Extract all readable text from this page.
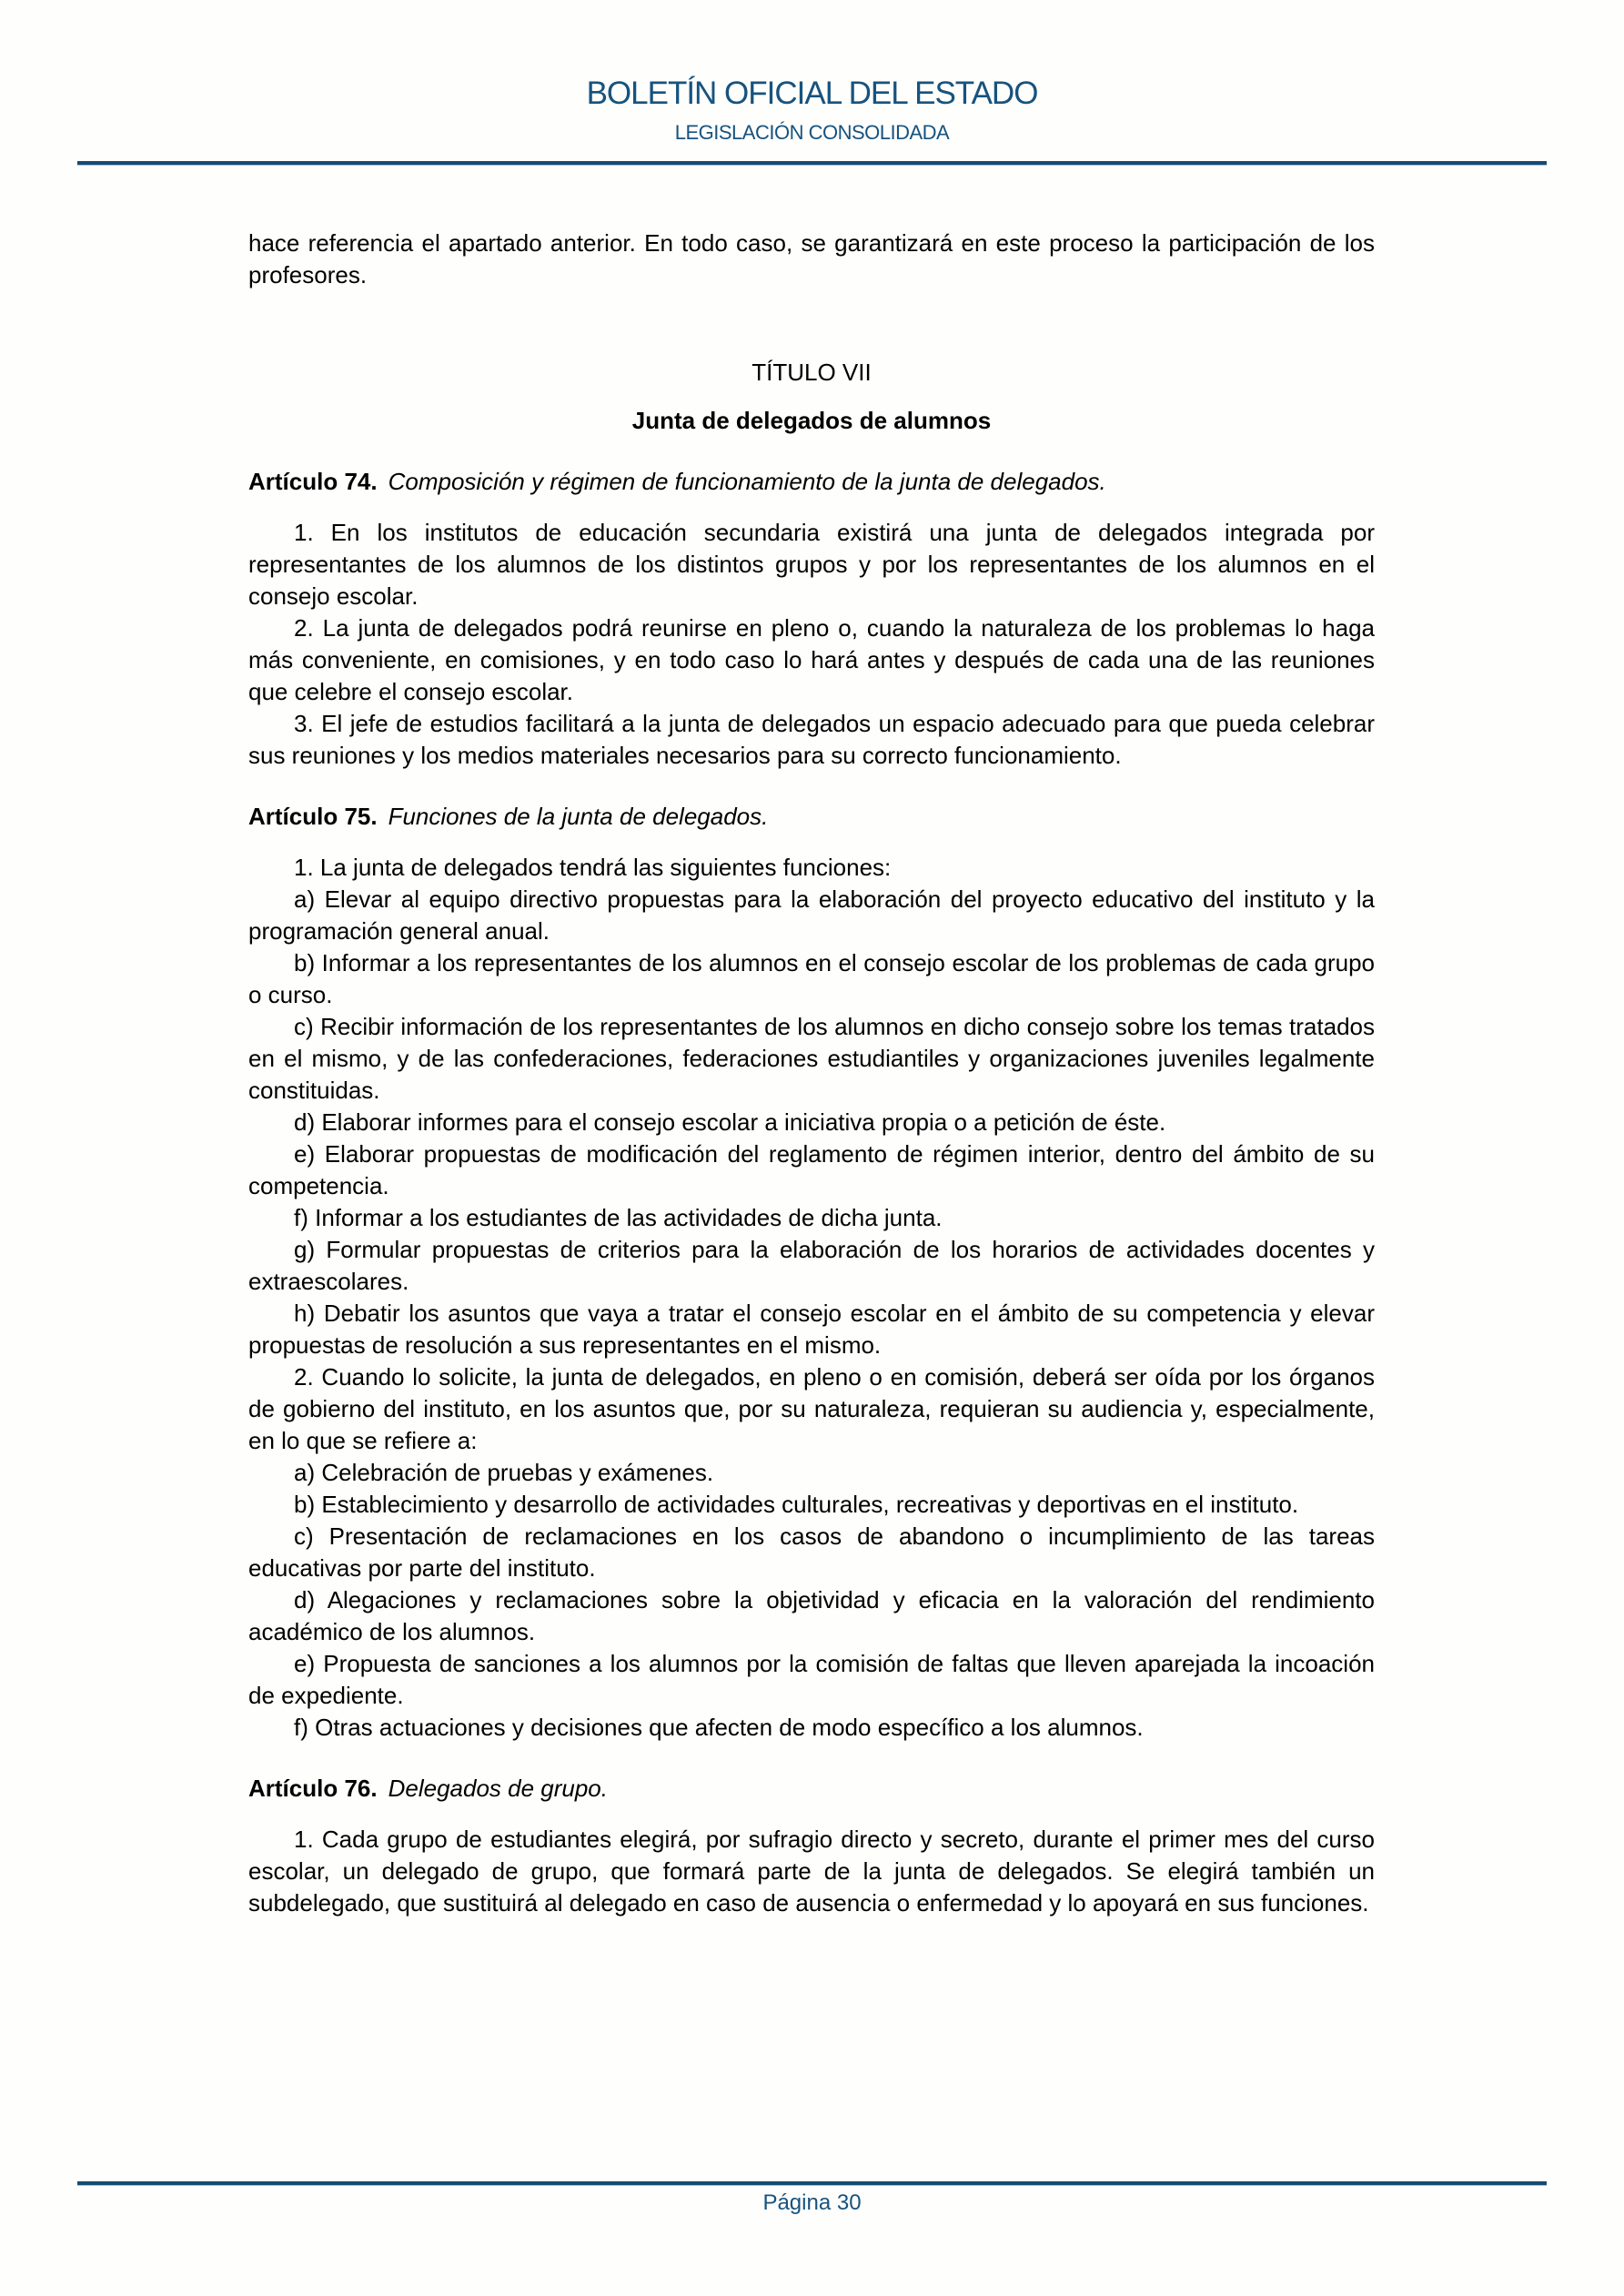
BOLETÍN OFICIAL DEL ESTADO
LEGISLACIÓN CONSOLIDADA

hace referencia el apartado anterior. En todo caso, se garantizará en este proceso la participación de los profesores.

TÍTULO VII
Junta de delegados de alumnos
Artículo 74. Composición y régimen de funcionamiento de la junta de delegados.

1. En los institutos de educación secundaria existirá una junta de delegados integrada por representantes de los alumnos de los distintos grupos y por los representantes de los alumnos en el consejo escolar.

2. La junta de delegados podrá reunirse en pleno o, cuando la naturaleza de los problemas lo haga más conveniente, en comisiones, y en todo caso lo hará antes y después de cada una de las reuniones que celebre el consejo escolar.

3. El jefe de estudios facilitará a la junta de delegados un espacio adecuado para que pueda celebrar sus reuniones y los medios materiales necesarios para su correcto funcionamiento.

Artículo 75. Funciones de la junta de delegados.

1. La junta de delegados tendrá las siguientes funciones:

a) Elevar al equipo directivo propuestas para la elaboración del proyecto educativo del instituto y la programación general anual.

b) Informar a los representantes de los alumnos en el consejo escolar de los problemas de cada grupo o curso.

c) Recibir información de los representantes de los alumnos en dicho consejo sobre los temas tratados en el mismo, y de las confederaciones, federaciones estudiantiles y organizaciones juveniles legalmente constituidas.

d) Elaborar informes para el consejo escolar a iniciativa propia o a petición de éste.

e) Elaborar propuestas de modificación del reglamento de régimen interior, dentro del ámbito de su competencia.

f) Informar a los estudiantes de las actividades de dicha junta.

g) Formular propuestas de criterios para la elaboración de los horarios de actividades docentes y extraescolares.

h) Debatir los asuntos que vaya a tratar el consejo escolar en el ámbito de su competencia y elevar propuestas de resolución a sus representantes en el mismo.

2. Cuando lo solicite, la junta de delegados, en pleno o en comisión, deberá ser oída por los órganos de gobierno del instituto, en los asuntos que, por su naturaleza, requieran su audiencia y, especialmente, en lo que se refiere a:

a) Celebración de pruebas y exámenes.

b) Establecimiento y desarrollo de actividades culturales, recreativas y deportivas en el instituto.

c) Presentación de reclamaciones en los casos de abandono o incumplimiento de las tareas educativas por parte del instituto.

d) Alegaciones y reclamaciones sobre la objetividad y eficacia en la valoración del rendimiento académico de los alumnos.

e) Propuesta de sanciones a los alumnos por la comisión de faltas que lleven aparejada la incoación de expediente.

f) Otras actuaciones y decisiones que afecten de modo específico a los alumnos.

Artículo 76. Delegados de grupo.

1. Cada grupo de estudiantes elegirá, por sufragio directo y secreto, durante el primer mes del curso escolar, un delegado de grupo, que formará parte de la junta de delegados. Se elegirá también un subdelegado, que sustituirá al delegado en caso de ausencia o enfermedad y lo apoyará en sus funciones.

Página 30
